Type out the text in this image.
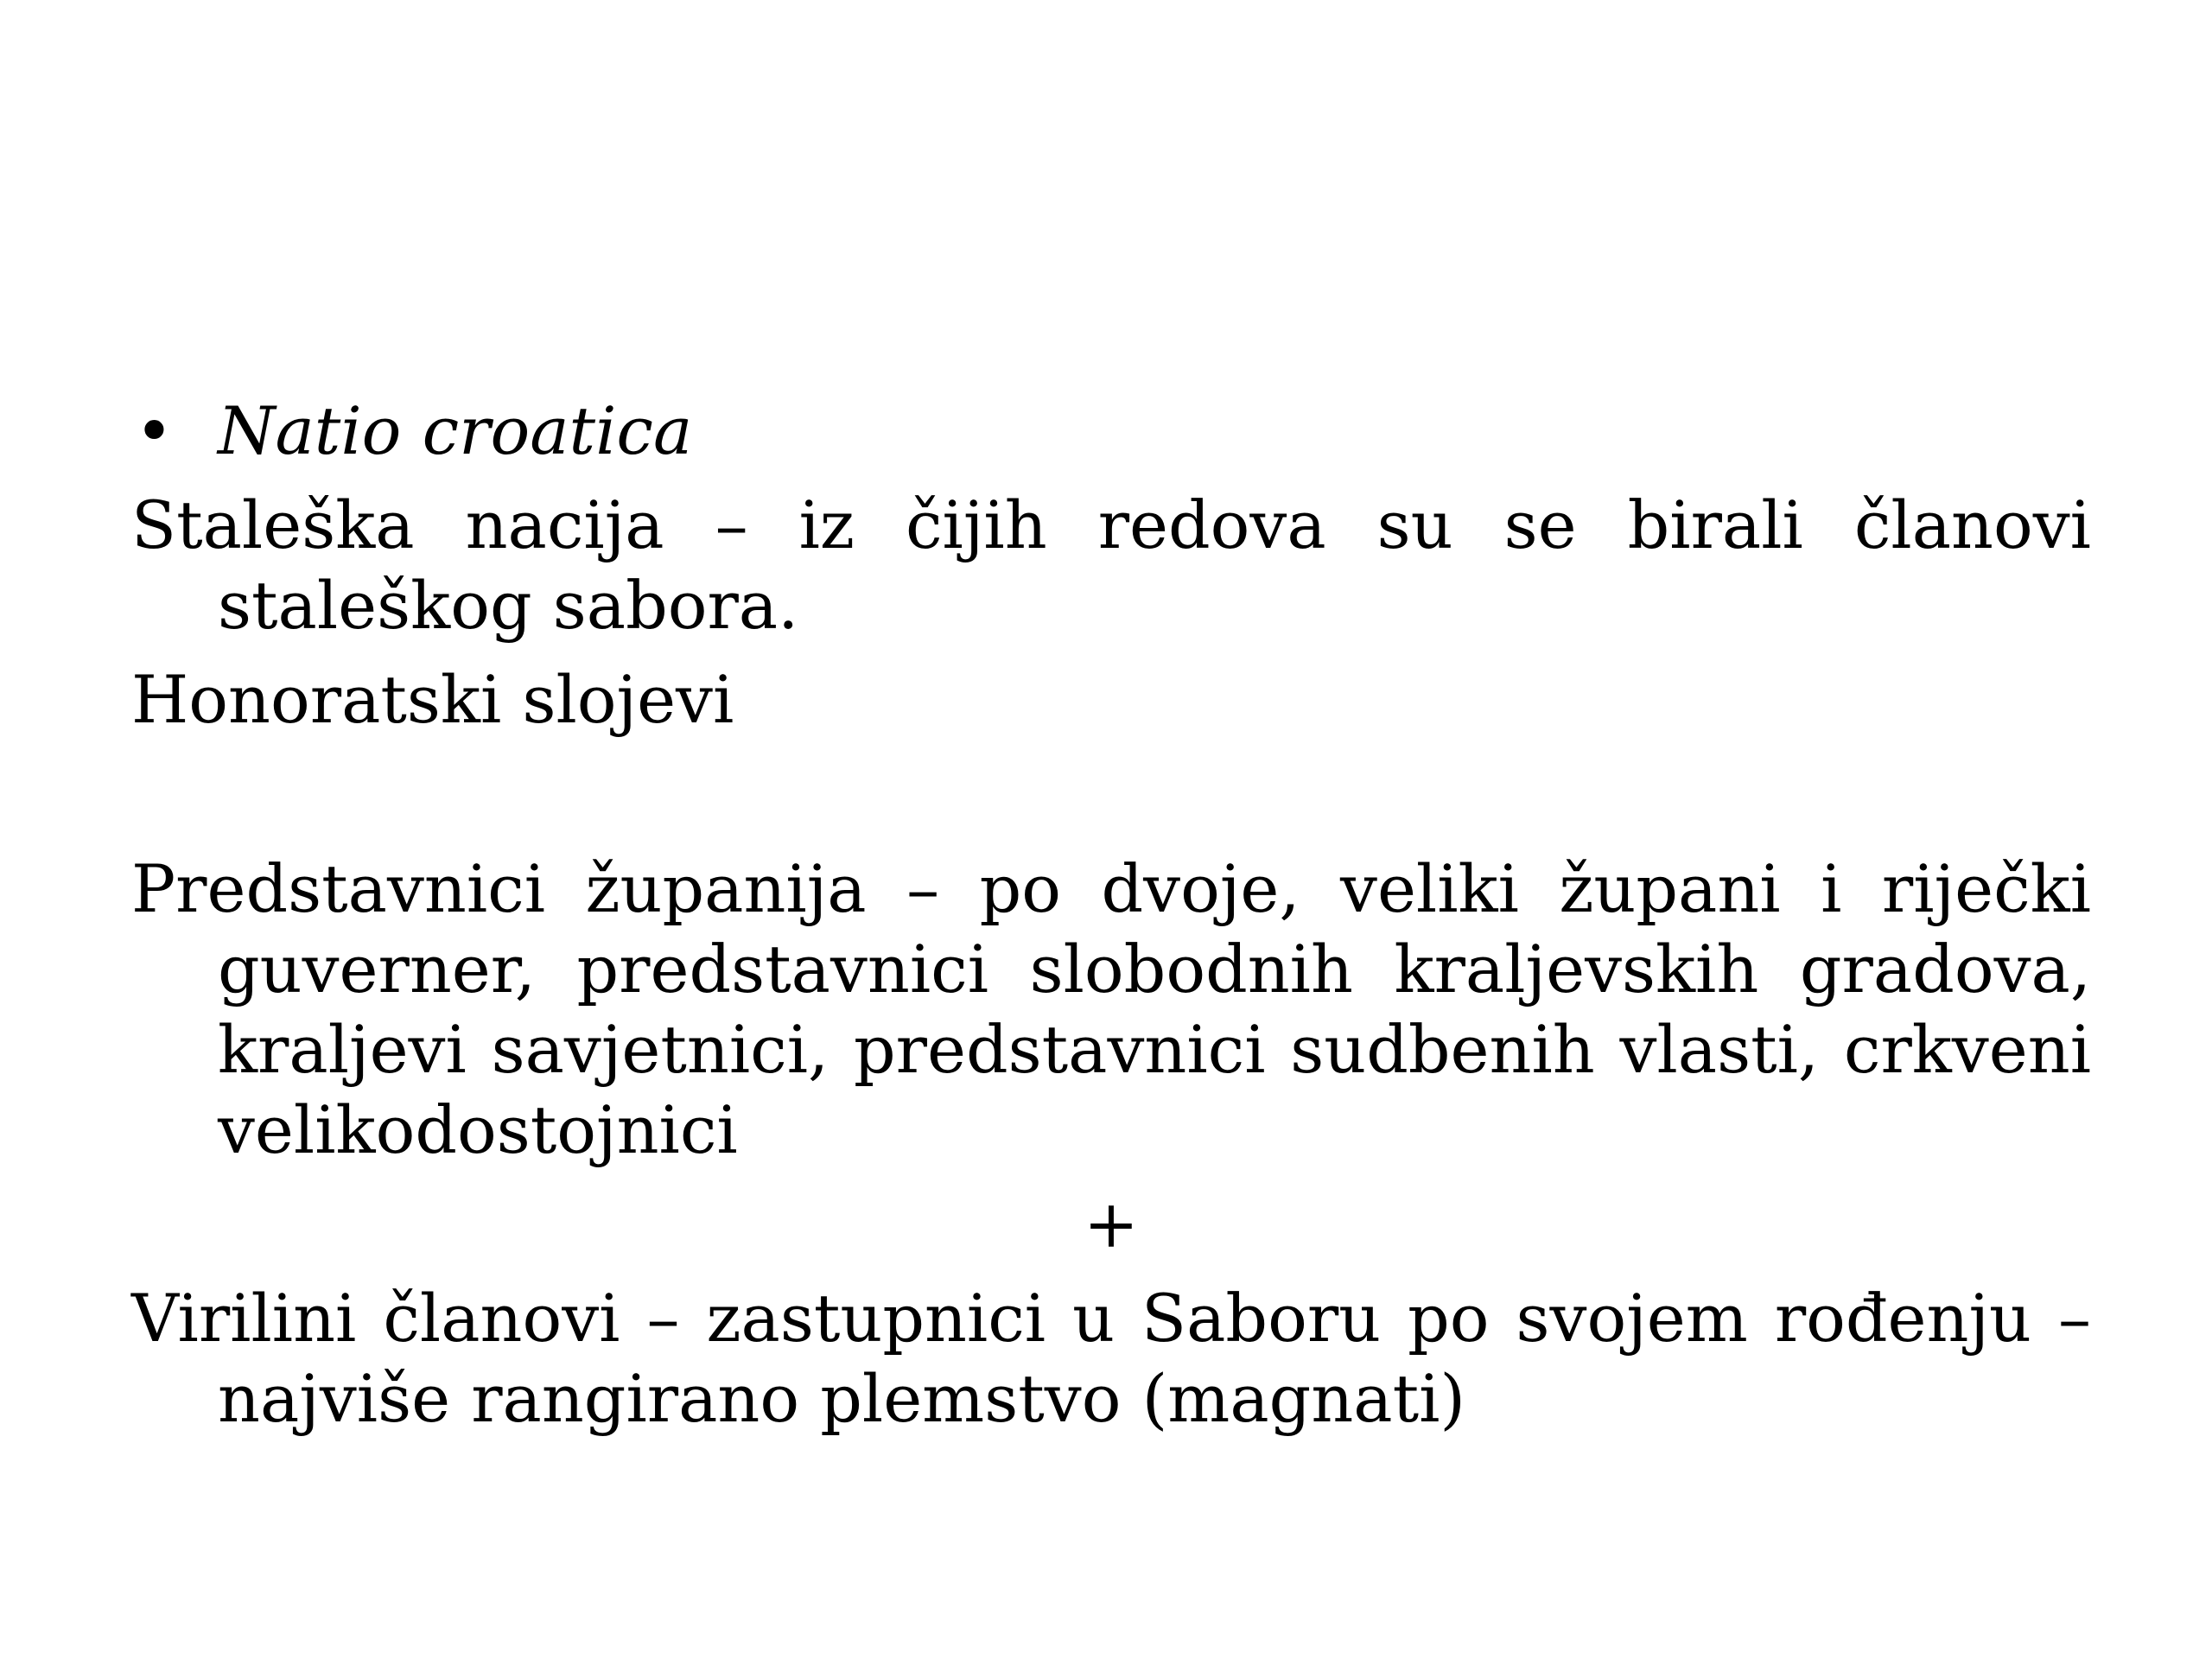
• Natio croatica

Staleška nacija – iz čijih redova su se birali članovi staleškog sabora.

Honoratski slojevi

Predstavnici županija – po dvoje, veliki župani i riječki guverner, predstavnici slobodnih kraljevskih gradova, kraljevi savjetnici, predstavnici sudbenih vlasti, crkveni velikodostojnici

+

Virilini članovi – zastupnici u Saboru po svojem rođenju – najviše rangirano plemstvo (magnati)
